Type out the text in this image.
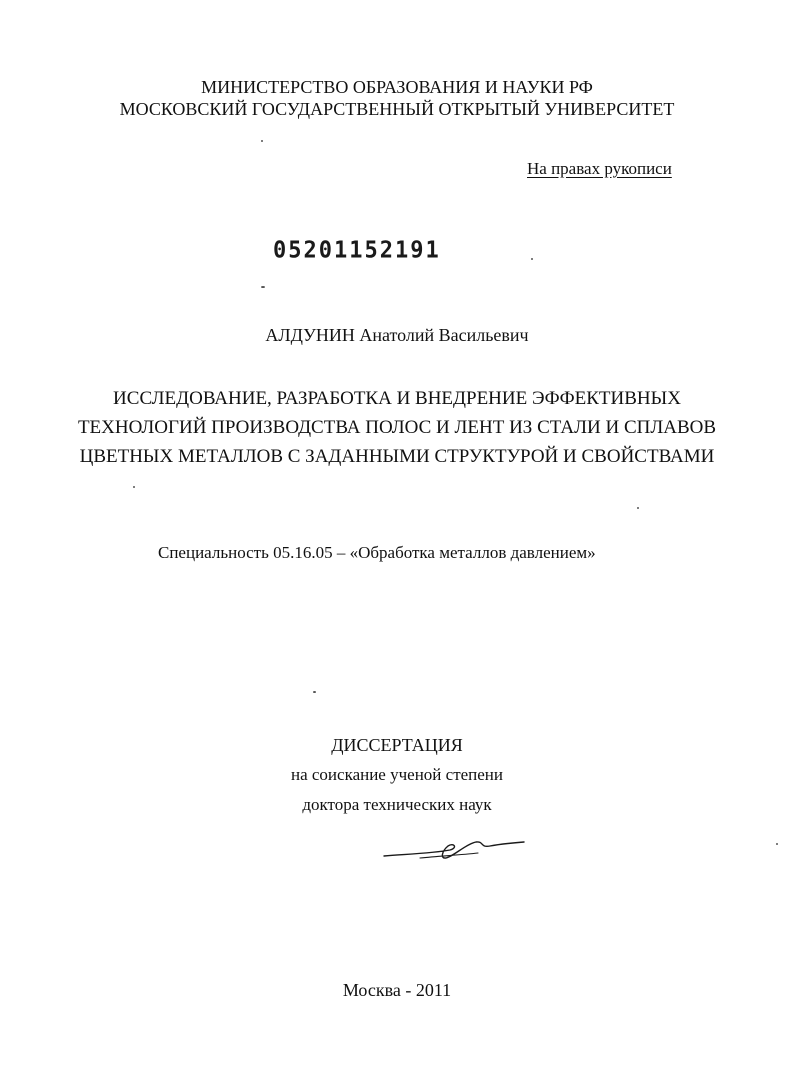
МИНИСТЕРСТВО ОБРАЗОВАНИЯ И НАУКИ РФ
МОСКОВСКИЙ ГОСУДАРСТВЕННЫЙ ОТКРЫТЫЙ УНИВЕРСИТЕТ
На правах рукописи
05201152191
АЛДУНИН Анатолий Васильевич
ИССЛЕДОВАНИЕ, РАЗРАБОТКА И ВНЕДРЕНИЕ ЭФФЕКТИВНЫХ
ТЕХНОЛОГИЙ ПРОИЗВОДСТВА ПОЛОС И ЛЕНТ ИЗ СТАЛИ И СПЛАВОВ
ЦВЕТНЫХ МЕТАЛЛОВ С ЗАДАННЫМИ СТРУКТУРОЙ И СВОЙСТВАМИ
Специальность 05.16.05 – «Обработка металлов давлением»
ДИССЕРТАЦИЯ
на соискание ученой степени
доктора технических наук
Москва - 2011
